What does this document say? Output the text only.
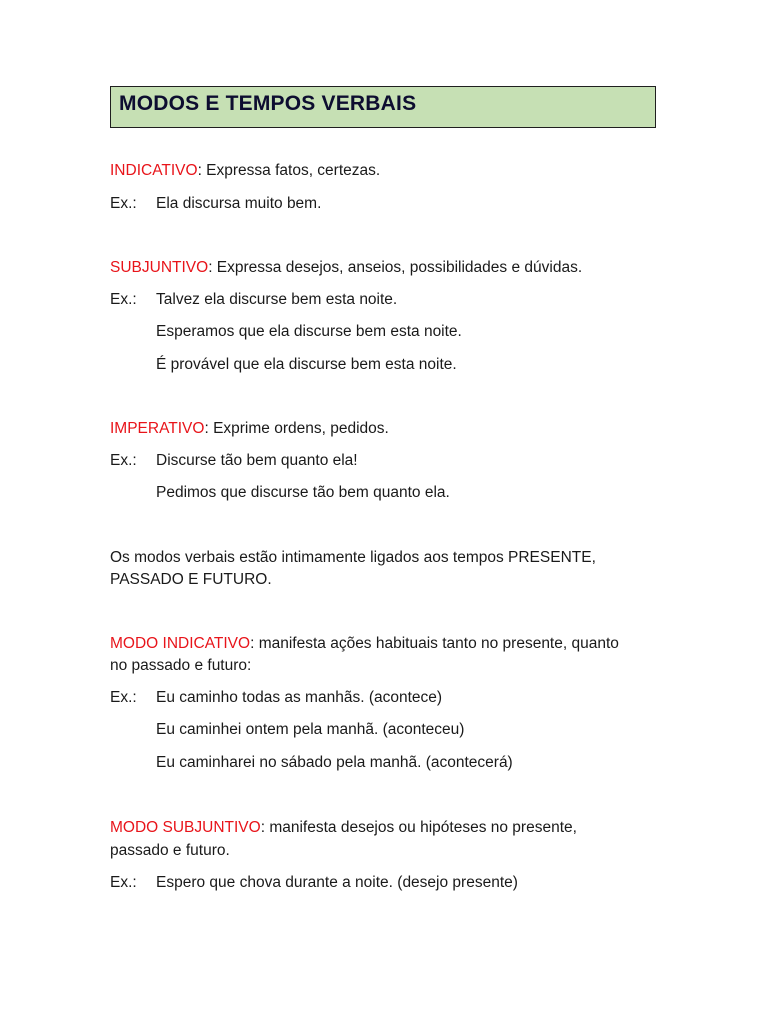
MODOS E TEMPOS VERBAIS
INDICATIVO: Expressa fatos, certezas.
Ex.: Ela discursa muito bem.
SUBJUNTIVO: Expressa desejos, anseios, possibilidades e dúvidas.
Ex.: Talvez ela discurse bem esta noite.
Esperamos que ela discurse bem esta noite.
É provável que ela discurse bem esta noite.
IMPERATIVO: Exprime ordens, pedidos.
Ex.: Discurse tão bem quanto ela!
Pedimos que discurse tão bem quanto ela.
Os modos verbais estão intimamente ligados aos tempos PRESENTE,
PASSADO E FUTURO.
MODO INDICATIVO: manifesta ações habituais tanto no presente, quanto
no passado e futuro:
Ex.: Eu caminho todas as manhãs. (acontece)
Eu caminhei ontem pela manhã. (aconteceu)
Eu caminharei no sábado pela manhã. (acontecerá)
MODO SUBJUNTIVO: manifesta desejos ou hipóteses no presente,
passado e futuro.
Ex.: Espero que chova durante a noite. (desejo presente)
